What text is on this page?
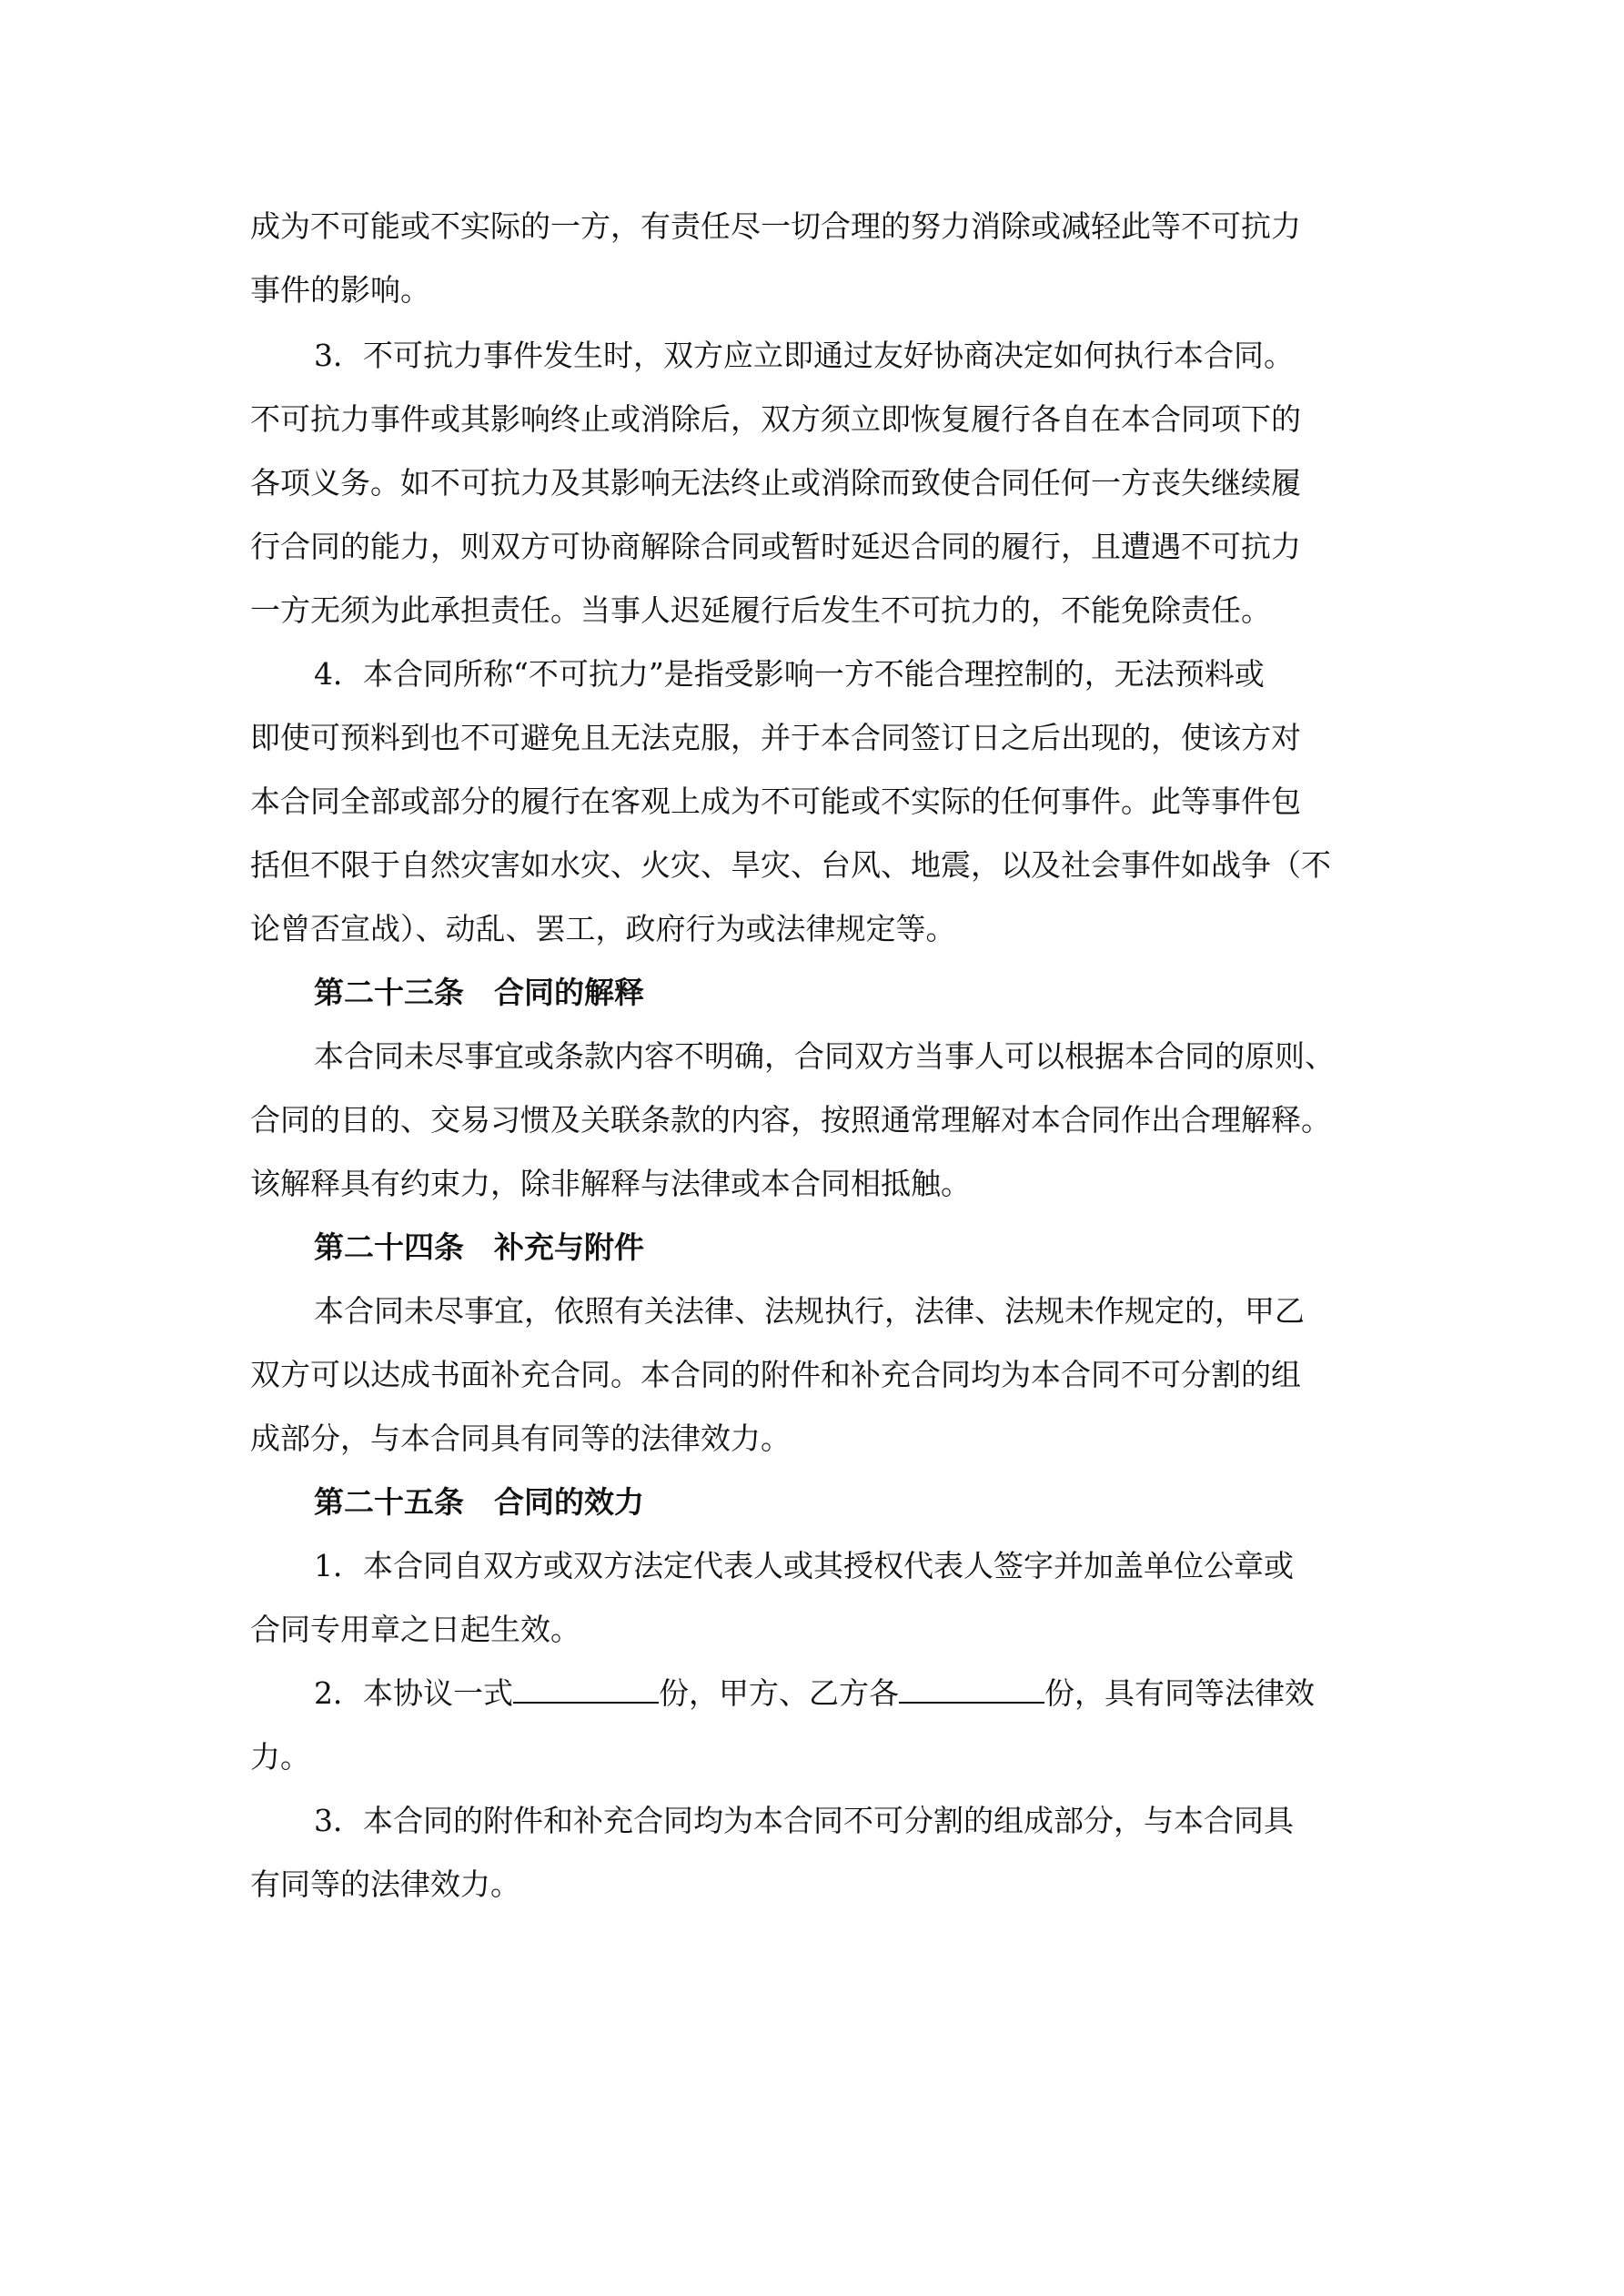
成为不可能或不实际的一方，有责任尽一切合理的努力消除或减轻此等不可抗力
事件的影响。
3．不可抗力事件发生时，双方应立即通过友好协商决定如何执行本合同。
不可抗力事件或其影响终止或消除后，双方须立即恢复履行各自在本合同项下的
各项义务。如不可抗力及其影响无法终止或消除而致使合同任何一方丧失继续履
行合同的能力，则双方可协商解除合同或暂时延迟合同的履行，且遭遇不可抗力
一方无须为此承担责任。当事人迟延履行后发生不可抗力的，不能免除责任。
4．本合同所称“不可抗力”是指受影响一方不能合理控制的，无法预料或
即使可预料到也不可避免且无法克服，并于本合同签订日之后出现的，使该方对
本合同全部或部分的履行在客观上成为不可能或不实际的任何事件。此等事件包
括但不限于自然灾害如水灾、火灾、旱灾、台风、地震，以及社会事件如战争（不
论曾否宣战）、动乱、罢工，政府行为或法律规定等。
第二十三条　合同的解释
本合同未尽事宜或条款内容不明确，合同双方当事人可以根据本合同的原则、
合同的目的、交易习惯及关联条款的内容，按照通常理解对本合同作出合理解释。
该解释具有约束力，除非解释与法律或本合同相抵触。
第二十四条　补充与附件
本合同未尽事宜，依照有关法律、法规执行，法律、法规未作规定的，甲乙
双方可以达成书面补充合同。本合同的附件和补充合同均为本合同不可分割的组
成部分，与本合同具有同等的法律效力。
第二十五条　合同的效力
1．本合同自双方或双方法定代表人或其授权代表人签字并加盖单位公章或
合同专用章之日起生效。
2．本协议一式	份，甲方、乙方各	份，具有同等法律效
力。
3．本合同的附件和补充合同均为本合同不可分割的组成部分，与本合同具
有同等的法律效力。
